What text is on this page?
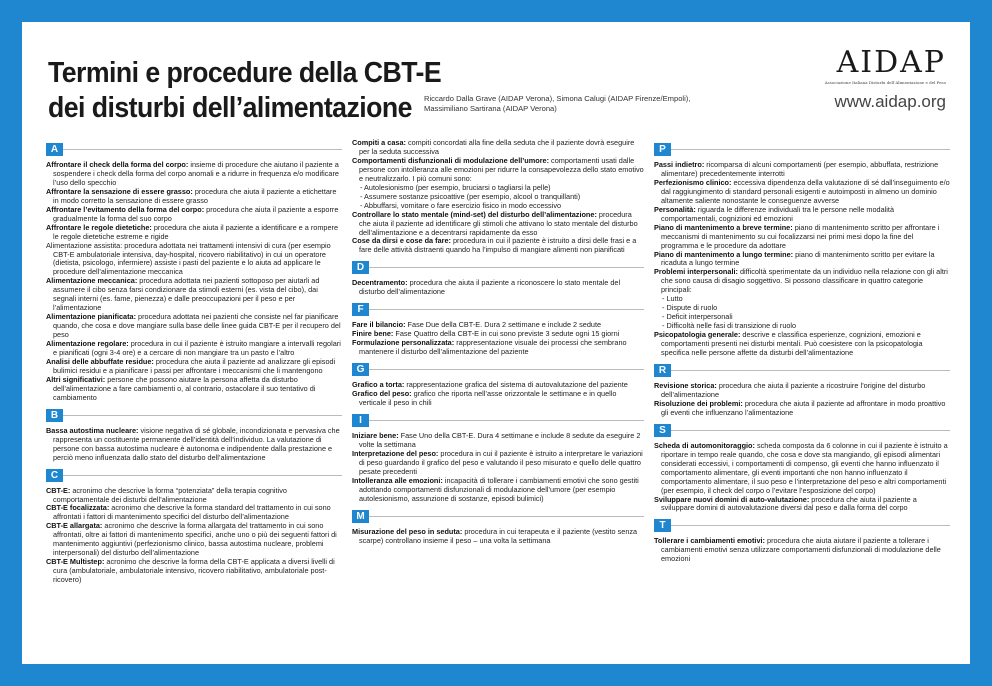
Termini e procedure della CBT-E
dei disturbi dell’alimentazione	Riccardo Dalla Grave (AIDAP Verona), Simona Calugi (AIDAP Firenze/Empoli), Massimiliano Sartirana (AIDAP Verona)
AIDAP
Associazione Italiana Disturbi dell’Alimentazione e del Peso
www.aidap.org
A
Affrontare il check della forma del corpo: insieme di procedure che aiutano il paziente a sospendere i check della forma del corpo anomali e a ridurre in frequenza e/o modificare l’uso dello specchio
Affrontare la sensazione di essere grasso: procedura che aiuta il paziente a etichettare in modo corretto la sensazione di essere grasso
Affrontare l’evitamento della forma del corpo: procedura che aiuta il paziente a esporre gradualmente la forma del suo corpo
Affrontare le regole dietetiche: procedura che aiuta il paziente a identificare e a rompere le regole dietetiche estreme e rigide
Alimentazione assistita: procedura adottata nei trattamenti intensivi di cura (per esempio CBT-E ambulatoriale intensiva, day-hospital, ricovero riabilitativo) in cui un operatore (dietista, psicologo, infermiere) assiste i pasti del paziente e lo aiuta ad applicare le procedure dell’alimentazione meccanica
Alimentazione meccanica: procedura adottata nei pazienti sottoposo per aiutarli ad assumere il cibo senza farsi condizionare da stimoli esterni (es. vista del cibo), dai segnali interni (es. fame, pienezza) e dalle preoccupazioni per il peso e per l’alimentazione
Alimentazione pianificata: procedura adottata nei pazienti che consiste nel far pianificare quando, che cosa e dove mangiare sulla base delle linee guida CBT-E per il recupero del peso
Alimentazione regolare: procedura in cui il paziente è istruito mangiare a intervalli regolari e pianificati (ogni 3-4 ore) e a cercare di non mangiare tra un pasto e l’altro
Analisi delle abbuffate residue: procedura che aiuta il paziente ad analizzare gli episodi bulimici residui e a pianificare i passi per affrontare i meccanismi che li mantengono
Altri significativi: persone che possono aiutare la persona affetta da disturbo dell’alimentazione a fare cambiamenti o, al contrario, ostacolare il suo tentativo di cambiamento
B
Bassa autostima nucleare: visione negativa di sé globale, incondizionata e pervasiva che rappresenta un costituente permanente dell’identità dell’individuo. La valutazione di persone con bassa autostima nucleare è autonoma e indipendente dalla prestazione e perciò meno influenzata dallo stato del disturbo dell’alimentazione
C
CBT-E: acronimo che descrive la forma “potenziata” della terapia cognitivo comportamentale dei disturbi dell’alimentazione
CBT-E focalizzata: acronimo che descrive la forma standard del trattamento in cui sono affrontati i fattori di mantenimento specifici del disturbo dell’alimentazione
CBT-E allargata: acronimo che descrive la forma allargata del trattamento in cui sono affrontati, oltre ai fattori di mantenimento specifici, anche uno o più dei seguenti fattori di mantenimento aggiuntivi (perfezionismo clinico, bassa autostima nucleare, problemi interpersonali) del disturbo dell’alimentazione
CBT-E Multistep: acronimo che descrive la forma della CBT-E applicata a diversi livelli di cura (ambulatoriale, ambulatoriale intensivo, ricovero riabilitativo, ambulatoriale post-ricovero)
Compiti a casa: compiti concordati alla fine della seduta che il paziente dovrà eseguire per la seduta successiva
Comportamenti disfunzionali di modulazione dell’umore: comportamenti usati dalle persone con intolleranza alle emozioni per ridurre la consapevolezza dello stato emotivo e neutralizzarlo. I più comuni sono:
- Autolesionismo (per esempio, bruciarsi o tagliarsi la pelle)
- Assumere sostanze psicoattive (per esempio, alcool o tranquillanti)
- Abbuffarsi, vomitare o fare esercizio fisico in modo eccessivo
Controllare lo stato mentale (mind-set) del disturbo dell’alimentazione: procedura che aiuta il paziente ad identificare gli stimoli che attivano lo stato mentale del disturbo dell’alimentazione e a decentrarsi rapidamente da esso
Cose da dirsi e cose da fare: procedura in cui il paziente è istruito a dirsi delle frasi e a fare delle attività distraenti quando ha l’impulso di mangiare alimenti non pianificati
D
Decentramento: procedura che aiuta il paziente a riconoscere lo stato mentale del disturbo dell’alimentazione
F
Fare il bilancio: Fase Due della CBT-E. Dura 2 settimane e include 2 sedute
Finire bene: Fase Quattro della CBT-E in cui sono previste 3 sedute ogni 15 giorni
Formulazione personalizzata: rappresentazione visuale dei processi che sembrano mantenere il disturbo dell’alimentazione del paziente
G
Grafico a torta: rappresentazione grafica del sistema di autovalutazione del paziente
Grafico del peso: grafico che riporta nell’asse orizzontale le settimane e in quello verticale il peso in chili
I
Iniziare bene: Fase Uno della CBT-E. Dura 4 settimane e include 8 sedute da eseguire 2 volte la settimana
Interpretazione del peso: procedura in cui il paziente è istruito a interpretare le variazioni di peso guardando il grafico del peso e valutando il peso misurato e quello delle quattro pesate precedenti
Intolleranza alle emozioni: incapacità di tollerare i cambiamenti emotivi che sono gestiti adottando comportamenti disfunzionali di modulazione dell’umore (per esempio autolesionismo, assunzione di sostanze, episodi bulimici)
M
Misurazione del peso in seduta: procedura in cui terapeuta e il paziente (vestito senza scarpe) controllano insieme il peso – una volta la settimana
P
Passi indietro: ricomparsa di alcuni comportamenti (per esempio, abbuffata, restrizione alimentare) precedentemente interrotti
Perfezionismo clinico: eccessiva dipendenza della valutazione di sé dall’inseguimento e/o dal raggiungimento di standard personali esigenti e autoimposti in almeno un dominio altamente saliente nonostante le conseguenze avverse
Personalità: riguarda le differenze individuali tra le persone nelle modalità comportamentali, cognizioni ed emozioni
Piano di mantenimento a breve termine: piano di mantenimento scritto per affrontare i meccanismi di mantenimento su cui focalizzarsi nei primi mesi dopo la fine del programma e le procedure da adottare
Piano di mantenimento a lungo termine: piano di mantenimento scritto per evitare la ricaduta a lungo termine
Problemi interpersonali: difficoltà sperimentate da un individuo nella relazione con gli altri che sono causa di disagio soggettivo. Si possono classificare in quattro categorie principali:
- Lutto
- Dispute di ruolo
- Deficit interpersonali
- Difficoltà nelle fasi di transizione di ruolo
Psicopatologia generale: descrive e classifica esperienze, cognizioni, emozioni e comportamenti presenti nei disturbi mentali. Può coesistere con la psicopatologia specifica nelle persone affette da disturbi dell’alimentazione
R
Revisione storica: procedura che aiuta il paziente a ricostruire l’origine del disturbo dell’alimentazione
Risoluzione dei problemi: procedura che aiuta il paziente ad affrontare in modo proattivo gli eventi che influenzano l’alimentazione
S
Scheda di automonitoraggio: scheda composta da 6 colonne in cui il paziente è istruito a riportare in tempo reale quando, che cosa e dove sta mangiando, gli episodi alimentari considerati eccessivi, i comportamenti di compenso, gli eventi che hanno influenzato il comportamento alimentare, gli eventi importanti che non hanno influenzato il comportamento alimentare, il suo peso e l’interpretazione del peso e altri comportamenti (per esempio, il check del corpo o l’evitare l’esposizione del corpo)
Sviluppare nuovi domini di auto-valutazione: procedura che aiuta il paziente a sviluppare domini di autovalutazione diversi dal peso e dalla forma del corpo
T
Tollerare i cambiamenti emotivi: procedura che aiuta aiutare il paziente a tollerare i cambiamenti emotivi senza utilizzare comportamenti disfunzionali di modulazione delle emozioni
